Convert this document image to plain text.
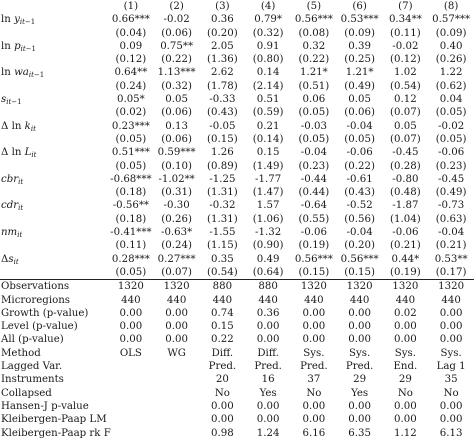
	(1)	(2)	(3)	(4)	(5)	(6)	(7)	(8)
$\ln y_{it-1}$	0.66***	-0.02	0.36	0.79*	0.56***	0.53***	0.34**	0.57***
	(0.04)	(0.06)	(0.20)	(0.32)	(0.08)	(0.09)	(0.11)	(0.09)
$\ln p_{it-1}$	0.09	0.75**	2.05	0.91	0.32	0.39	-0.02	0.40
	(0.12)	(0.22)	(1.36)	(0.80)	(0.22)	(0.25)	(0.12)	(0.26)
$\ln wa_{it-1}$	0.64**	1.13***	2.62	0.14	1.21*	1.21*	1.02	1.22
	(0.24)	(0.32)	(1.78)	(2.14)	(0.51)	(0.49)	(0.54)	(0.62)
$s_{it-1}$	0.05*	0.05	-0.33	0.51	0.06	0.05	0.12	0.04
	(0.02)	(0.06)	(0.43)	(0.59)	(0.05)	(0.06)	(0.07)	(0.05)
Δ $\ln k_{it}$	0.23***	0.13	-0.05	0.21	-0.03	-0.04	0.05	-0.02
	(0.05)	(0.06)	(0.15)	(0.14)	(0.05)	(0.05)	(0.07)	(0.05)
Δ $\ln L_{it}$	0.51***	0.59***	1.26	0.15	-0.04	-0.06	-0.45	-0.06
	(0.05)	(0.10)	(0.89)	(1.49)	(0.23)	(0.22)	(0.28)	(0.23)
cbr$_{it}$	-0.68***	-1.02**	-1.25	-1.77	-0.44	-0.61	-0.80	-0.45
	(0.18)	(0.31)	(1.31)	(1.47)	(0.44)	(0.43)	(0.48)	(0.49)
cdr$_{it}$	-0.56**	-0.30	-0.32	1.57	-0.64	-0.52	-1.87	-0.73
	(0.18)	(0.26)	(1.31)	(1.06)	(0.55)	(0.56)	(1.04)	(0.63)
$nm_{it}$	-0.41***	-0.63*	-1.55	-1.32	-0.06	-0.04	-0.06	-0.04
	(0.11)	(0.24)	(1.15)	(0.90)	(0.19)	(0.20)	(0.21)	(0.21)
$\Delta s_{it}$	0.28***	0.27***	0.35	0.49	0.56***	0.56***	0.44*	0.53**
	(0.05)	(0.07)	(0.54)	(0.64)	(0.15)	(0.15)	(0.19)	(0.17)
Observations	1320	1320	880	880	1320	1320	1320	1320
Microregions	440	440	440	440	440	440	440	440
Growth (p-value)	0.00	0.00	0.74	0.36	0.00	0.00	0.02	0.00
Level (p-value)	0.00	0.00	0.15	0.00	0.00	0.00	0.00	0.00
All (p-value)	0.00	0.00	0.22	0.00	0.00	0.00	0.00	0.00
Method	OLS	WG	Diff.	Diff.	Sys.	Sys.	Sys.	Sys.
Lagged Var.			Pred.	Pred.	Pred.	Pred.	End.	Lag 1
Instruments			20	16	37	29	29	35
Collapsed			No	Yes	No	Yes	No	No
Hansen-J p-value			0.00	0.00	0.00	0.00	0.00	0.00
Kleibergen-Paap LM			0.00	0.00	0.00	0.00	0.00	0.00
Kleibergen-Paap rk F			0.98	1.24	6.16	6.35	1.12	6.13
